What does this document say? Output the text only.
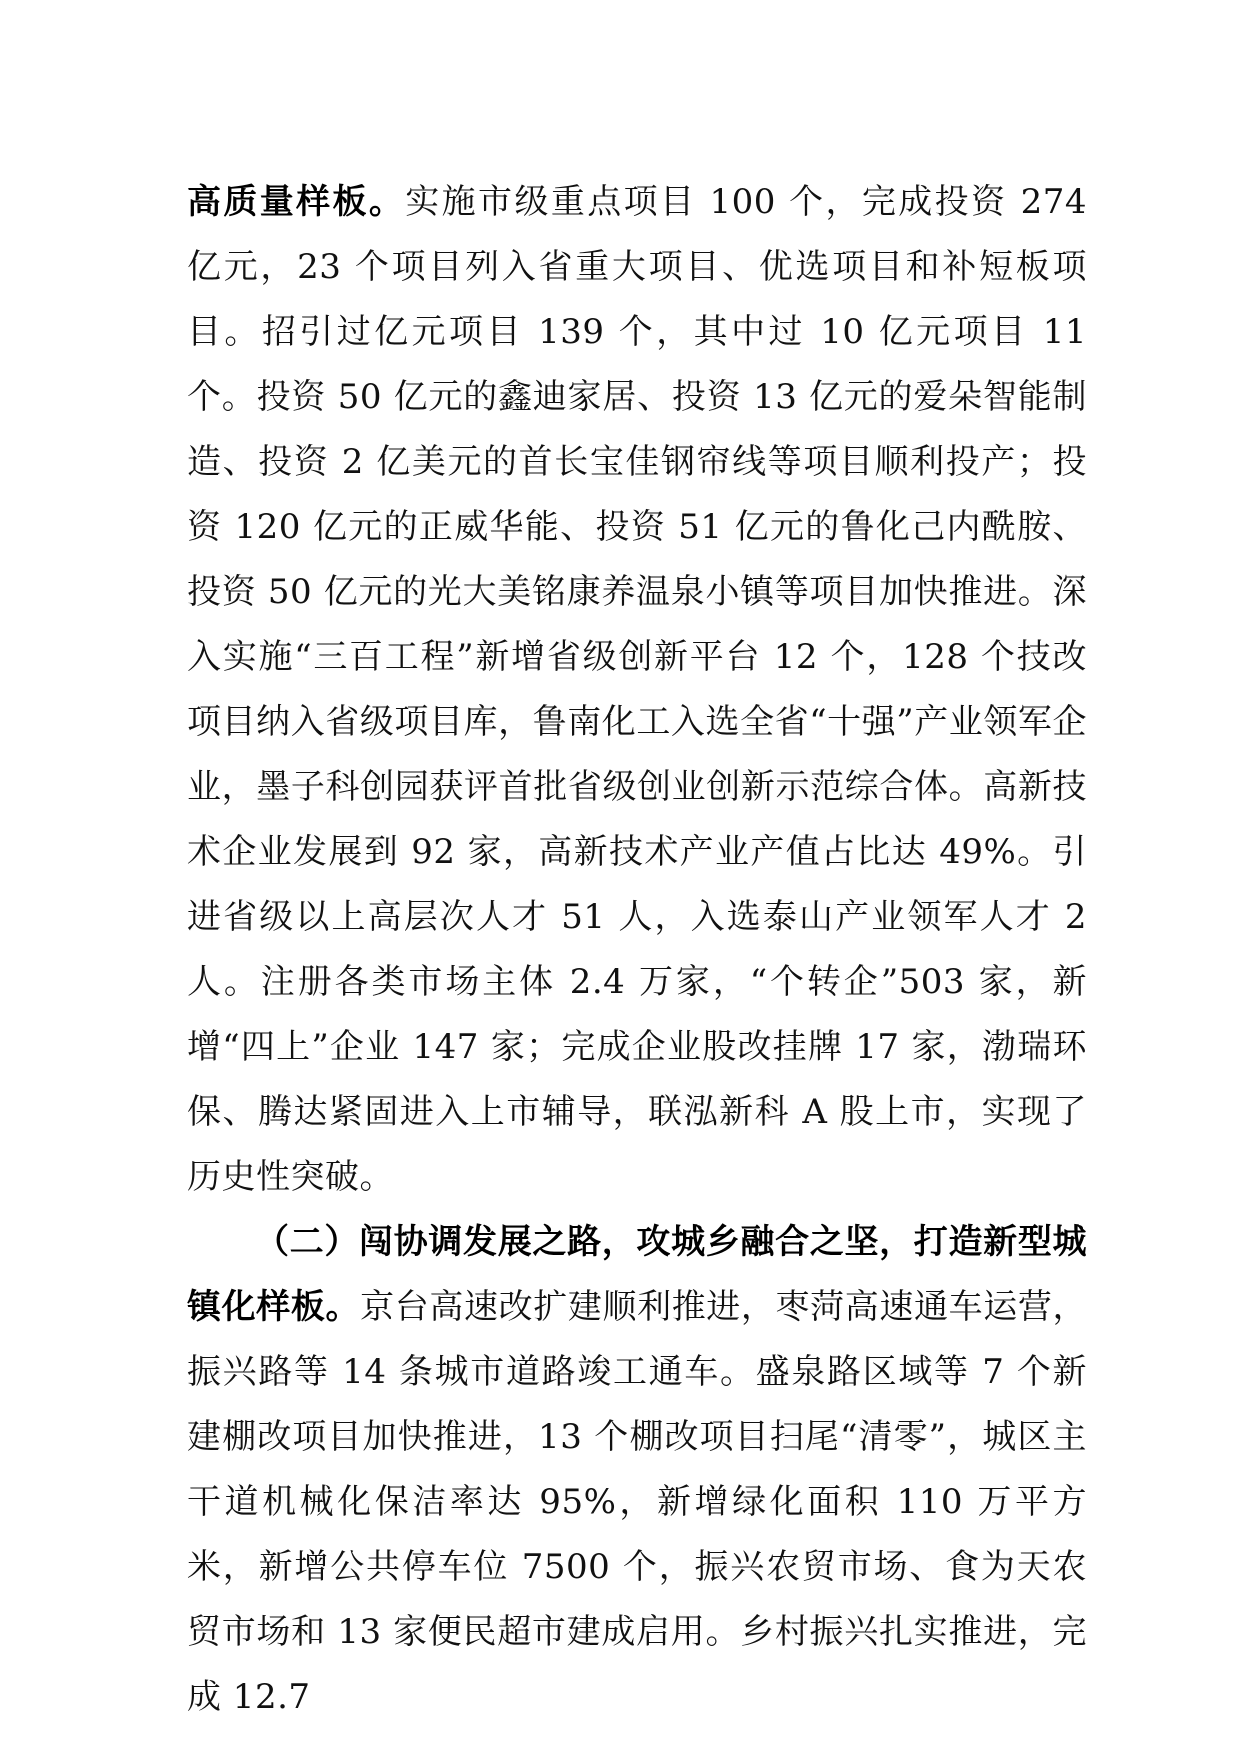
高质量样板。实施市级重点项目 100 个，完成投资 274 亿元，23 个项目列入省重大项目、优选项目和补短板项目。招引过亿元项目 139 个，其中过 10 亿元项目 11 个。投资 50 亿元的鑫迪家居、投资 13 亿元的爱朵智能制造、投资 2 亿美元的首长宝佳钢帘线等项目顺利投产；投资 120 亿元的正威华能、投资 51 亿元的鲁化己内酰胺、投资 50 亿元的光大美铭康养温泉小镇等项目加快推进。深入实施“三百工程”新增省级创新平台 12 个，128 个技改项目纳入省级项目库，鲁南化工入选全省“十强”产业领军企业，墨子科创园获评首批省级创业创新示范综合体。高新技术企业发展到 92 家，高新技术产业产值占比达 49%。引进省级以上高层次人才 51 人，入选泰山产业领军人才 2 人。注册各类市场主体 2.4 万家，“个转企”503 家，新增“四上”企业 147 家；完成企业股改挂牌 17 家，渤瑞环保、腾达紧固进入上市辅导，联泓新科 A 股上市，实现了历史性突破。

（二）闯协调发展之路，攻城乡融合之坚，打造新型城镇化样板。京台高速改扩建顺利推进，枣菏高速通车运营，振兴路等 14 条城市道路竣工通车。盛泉路区域等 7 个新建棚改项目加快推进，13 个棚改项目扫尾“清零”，城区主干道机械化保洁率达 95%，新增绿化面积 110 万平方米，新增公共停车位 7500 个，振兴农贸市场、食为天农贸市场和 13 家便民超市建成启用。乡村振兴扎实推进，完成 12.7
